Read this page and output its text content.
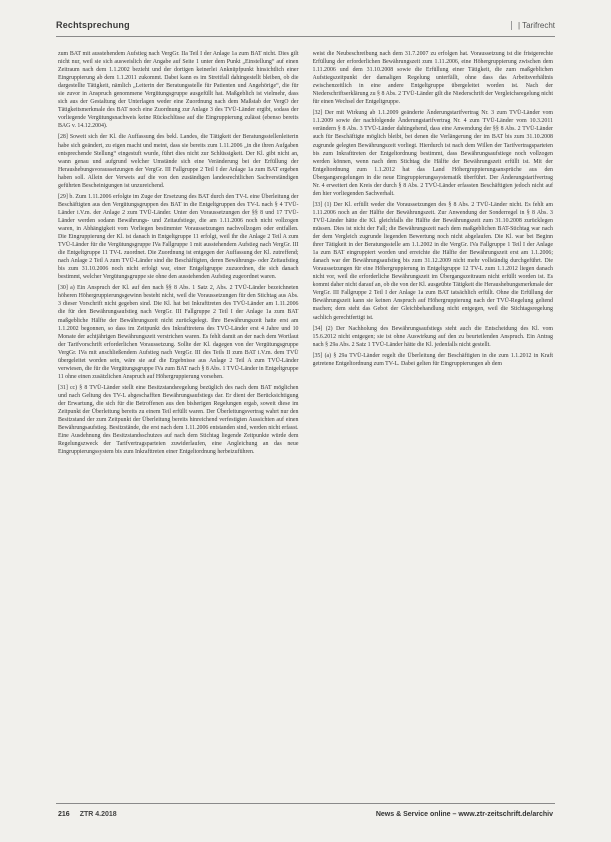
Rechtsprechung	| Tarifrecht

zum BAT mit ausstehendem Aufstieg nach VergGr. IIa Teil I der Anlage 1a zum BAT nicht. Dies gilt nicht nur, weil sie sich ausweislich der Angabe auf Seite 1 unter dem Punkt „Einstellung“ auf einen Zeitraum nach dem 1.1.2002 bezieht und der dortigen keinerlei Anknüpfpunkt hinsichtlich einer Eingruppierung ab dem 1.1.2011 zukommt. Dabei kann es im Streitfall dahingestellt bleiben, ob die dargestellte Tätigkeit, nämlich „Leiterin der Beratungsstelle für Patienten und Angehörige“, die für sie zuvor in Anspruch genommene Vergütungsgruppe ausgefüllt hat. Maßgeblich ist vielmehr, dass sich aus der Gestaltung der Unterlagen weder eine Zuordnung nach dem Maßstab der VergO der Tätigkeitsmerkmale des BAT noch eine Zuordnung zur Anlage 3 des TVÜ-Länder ergibt, sodass der vorliegende Vergütungsnachweis keine Rückschlüsse auf die Eingruppierung zulässt (ebenso bereits BAG v. 14.12.2004).

[28] Soweit sich der Kl. die Auffassung des bekl. Landes, die Tätigkeit der Beratungsstellenleiterin habe sich geändert, zu eigen macht und meint, dass sie bereits zum 1.11.2006 „in die ihren Aufgaben entsprechende Stellung“ eingestuft wurde, führt dies nicht zur Schlüssigkeit. Der Kl. gibt nicht an, wann genau und aufgrund welcher Umstände sich eine Veränderung bei der Erfüllung der Heraushebungsvoraussetzungen der VergGr. III Fallgruppe 2 Teil I der Anlage 1a zum BAT ergeben haben soll. Allein der Verweis auf die von den zuständigen landesrechtlichen Sachverständigen geführten Bescheinigungen ist unzureichend.

[29] b. Zum 1.11.2006 erfolgte im Zuge der Ersetzung des BAT durch den TV-L eine Überleitung der Beschäftigten aus den Vergütungsgruppen des BAT in die Entgeltgruppen des TV-L nach § 4 TVÜ-Länder i.V.m. der Anlage 2 zum TVÜ-Länder. Unter den Voraussetzungen der §§ 8 und 17 TVÜ-Länder werden sodann Bewährungs- und Zeitaufstiege, die am 1.11.2006 noch nicht vollzogen waren, in Abhängigkeit vom Vorliegen bestimmter Voraussetzungen nachvollzogen oder entfallen. Die Eingruppierung der Kl. ist danach in Entgeltgruppe 11 erfolgt, weil ihr die Anlage 2 Teil A zum TVÜ-Länder für die Vergütungsgruppe IVa Fallgruppe 1 mit ausstehendem Aufstieg nach VergGr. III die Entgeltgruppe 11 TV-L zuordnet. Die Zuordnung ist entgegen der Auffassung der Kl. zutreffend; nach Anlage 2 Teil A zum TVÜ-Länder sind die Beschäftigten, deren Bewährungs- oder Zeitaufstieg bis zum 31.10.2006 noch nicht erfolgt war, einer Entgeltgruppe zuzuordnen, die sich danach bestimmt, welcher Vergütungsgruppe sie ohne den ausstehenden Aufstieg zugeordnet waren.

[30] a) Ein Anspruch der Kl. auf den nach §§ 8 Abs. 1 Satz 2, Abs. 2 TVÜ-Länder bezeichneten höheren Höhergruppierungsgewinn besteht nicht, weil die Voraussetzungen für den Stichtag aus Abs. 3 dieser Vorschrift nicht gegeben sind. Die Kl. hat bei Inkrafttreten des TVÜ-Länder am 1.11.2006 die für den Bewährungsaufstieg nach VergGr. III Fallgruppe 2 Teil I der Anlage 1a zum BAT maßgebliche Hälfte der Bewährungszeit nicht zurückgelegt. Ihre Bewährungszeit hatte erst am 1.1.2002 begonnen, so dass im Zeitpunkt des Inkrafttretens des TVÜ-Länder erst 4 Jahre und 10 Monate der achtjährigen Bewährungszeit verstrichen waren. Es fehlt damit an der nach dem Wortlaut der Tarifvorschrift erforderlichen Voraussetzung. Sollte der Kl. dagegen von der Vergütungsgruppe VergGr. IVa mit anschließendem Aufstieg nach VergGr. III des Teils II zum BAT i.V.m. dem TVÜ übergeleitet worden sein, wäre sie auf die Ergebnisse aus Anlage 2 Teil A zum TVÜ-Länder verwiesen, die für die Vergütungsgruppe IVa zum BAT nach § 8 Abs. 1 TVÜ-Länder in Entgeltgruppe 11 ohne einen zusätzlichen Anspruch auf Höhergruppierung vorsehen.

[31] cc) § 8 TVÜ-Länder stellt eine Besitzstandsregelung bezüglich des nach dem BAT möglichen und nach Geltung des TV-L abgeschafften Bewährungsaufstiegs dar. Er dient der Berücksichtigung der Erwartung, die sich für die Betroffenen aus den bisherigen Regelungen ergab, soweit diese im Zeitpunkt der Überleitung bereits zu einem Teil erfüllt waren. Der Überleitungsvertrag wahrt nur den Besitzstand der zum Zeitpunkt der Überleitung bereits hinreichend verfestigten Aussichten auf einen Bewährungsaufstieg. Besitzstände, die erst nach dem 1.11.2006 entstanden sind, werden nicht erfasst. Eine Ausdehnung des Besitzstandsschutzes auf nach dem Stichtag liegende Zeitpunkte würde dem Regelungszweck der Tarifvertragsparteien zuwiderlaufen, eine Angleichung an das neue Eingruppierungssystem bis zum Inkrafttreten einer Entgeltordnung herbeizuführen.

weist die Neubeschreibung nach dem 31.7.2007 zu erfolgen hat. Voraussetzung ist die fristgerechte Erfüllung der erforderlichen Bewährungszeit zum 1.11.2006, eine Höhergruppierung zwischen dem 1.11.2006 und dem 31.10.2008 sowie die Erfüllung einer Tätigkeit, die zum maßgeblichen Aufstiegszeitpunkt der damaligen Regelung unterfällt, ohne dass das Arbeitsverhältnis zwischenzeitlich in eine andere Entgeltgruppe übergeleitet worden ist. Nach der Niederschriftserklärung zu § 8 Abs. 2 TVÜ-Länder gilt die Niederschrift der Vergleichsregelung nicht für einen Wechsel der Entgeltgruppe.

[32] Der mit Wirkung ab 1.1.2009 geänderte Änderungstarifvertrag Nr. 3 zum TVÜ-Länder vom 1.1.2009 sowie der nachfolgende Änderungstarifvertrag Nr. 4 zum TVÜ-Länder vom 10.3.2011 verändern § 8 Abs. 3 TVÜ-Länder dahingehend, dass eine Anwendung der §§ 8 Abs. 2 TVÜ-Länder auch für Beschäftigte möglich bleibt, bei denen die Verlängerung der im BAT bis zum 31.10.2008 zugrunde gelegten Bewährungszeit vorliegt. Hierdurch ist nach dem Willen der Tarifvertragsparteien bis zum Inkrafttreten der Entgeltordnung bestimmt, dass Bewährungsaufstiege noch vollzogen werden können, wenn nach dem Stichtag die Hälfte der Bewährungszeit erfüllt ist. Mit der Entgeltordnung zum 1.1.2012 hat das Land Höhergruppierungsansprüche aus den Übergangsregelungen in die neue Eingruppierungssystematik überführt. Der Änderungstarifvertrag Nr. 4 erweitert den Kreis der durch § 8 Abs. 2 TVÜ-Länder erfassten Beschäftigten jedoch nicht auf den hier vorliegenden Sachverhalt.

[33] (1) Der Kl. erfüllt weder die Voraussetzungen des § 8 Abs. 2 TVÜ-Länder nicht. Es fehlt am 1.11.2006 noch an der Hälfte der Bewährungszeit. Zur Anwendung der Sonderregel in § 8 Abs. 3 TVÜ-Länder hätte die Kl. gleichfalls die Hälfte der Bewährungszeit zum 31.10.2008 zurücklegen müssen. Dies ist nicht der Fall; die Bewährungszeit nach dem maßgeblichen BAT-Stichtag war nach der dem Vergleich zugrunde liegenden Bewertung noch nicht abgelaufen. Die Kl. war bei Beginn ihrer Tätigkeit in der Beratungsstelle am 1.1.2002 in die VergGr. IVa Fallgruppe 1 Teil I der Anlage 1a zum BAT eingruppiert worden und erreichte die Hälfte der Bewährungszeit erst am 1.1.2006; danach war der Bewährungsaufstieg bis zum 31.12.2009 nicht mehr vollständig durchgeführt. Die Voraussetzungen für eine Höhergruppierung in Entgeltgruppe 12 TV-L zum 1.1.2012 liegen danach nicht vor, weil die erforderliche Bewährungszeit im Übergangszeitraum nicht erfüllt worden ist. Es kommt daher nicht darauf an, ob die von der Kl. ausgeübte Tätigkeit die Heraushebungsmerkmale der VergGr. III Fallgruppe 2 Teil I der Anlage 1a zum BAT tatsächlich erfüllt. Ohne die Erfüllung der Bewährungszeit kann sie keinen Anspruch auf Höhergruppierung nach der TVÜ-Regelung geltend machen; dem steht das Gebot der Gleichbehandlung nicht entgegen, weil die Stichtagsregelung sachlich gerechtfertigt ist.

[34] (2) Der Nachholung des Bewährungsaufstiegs steht auch die Entscheidung des Kl. vom 15.6.2012 nicht entgegen; sie ist ohne Auswirkung auf den zu beurteilenden Anspruch. Ein Antrag nach § 29a Abs. 2 Satz 1 TVÜ-Länder hätte die Kl. jedenfalls nicht gestellt.

[35] (a) § 29a TVÜ-Länder regelt die Überleitung der Beschäftigten in die zum 1.1.2012 in Kraft getretene Entgeltordnung zum TV-L. Dabei gelten für Eingruppierungen ab dem

216 ZTR 4.2018	News & Service online – www.ztr-zeitschrift.de/archiv
